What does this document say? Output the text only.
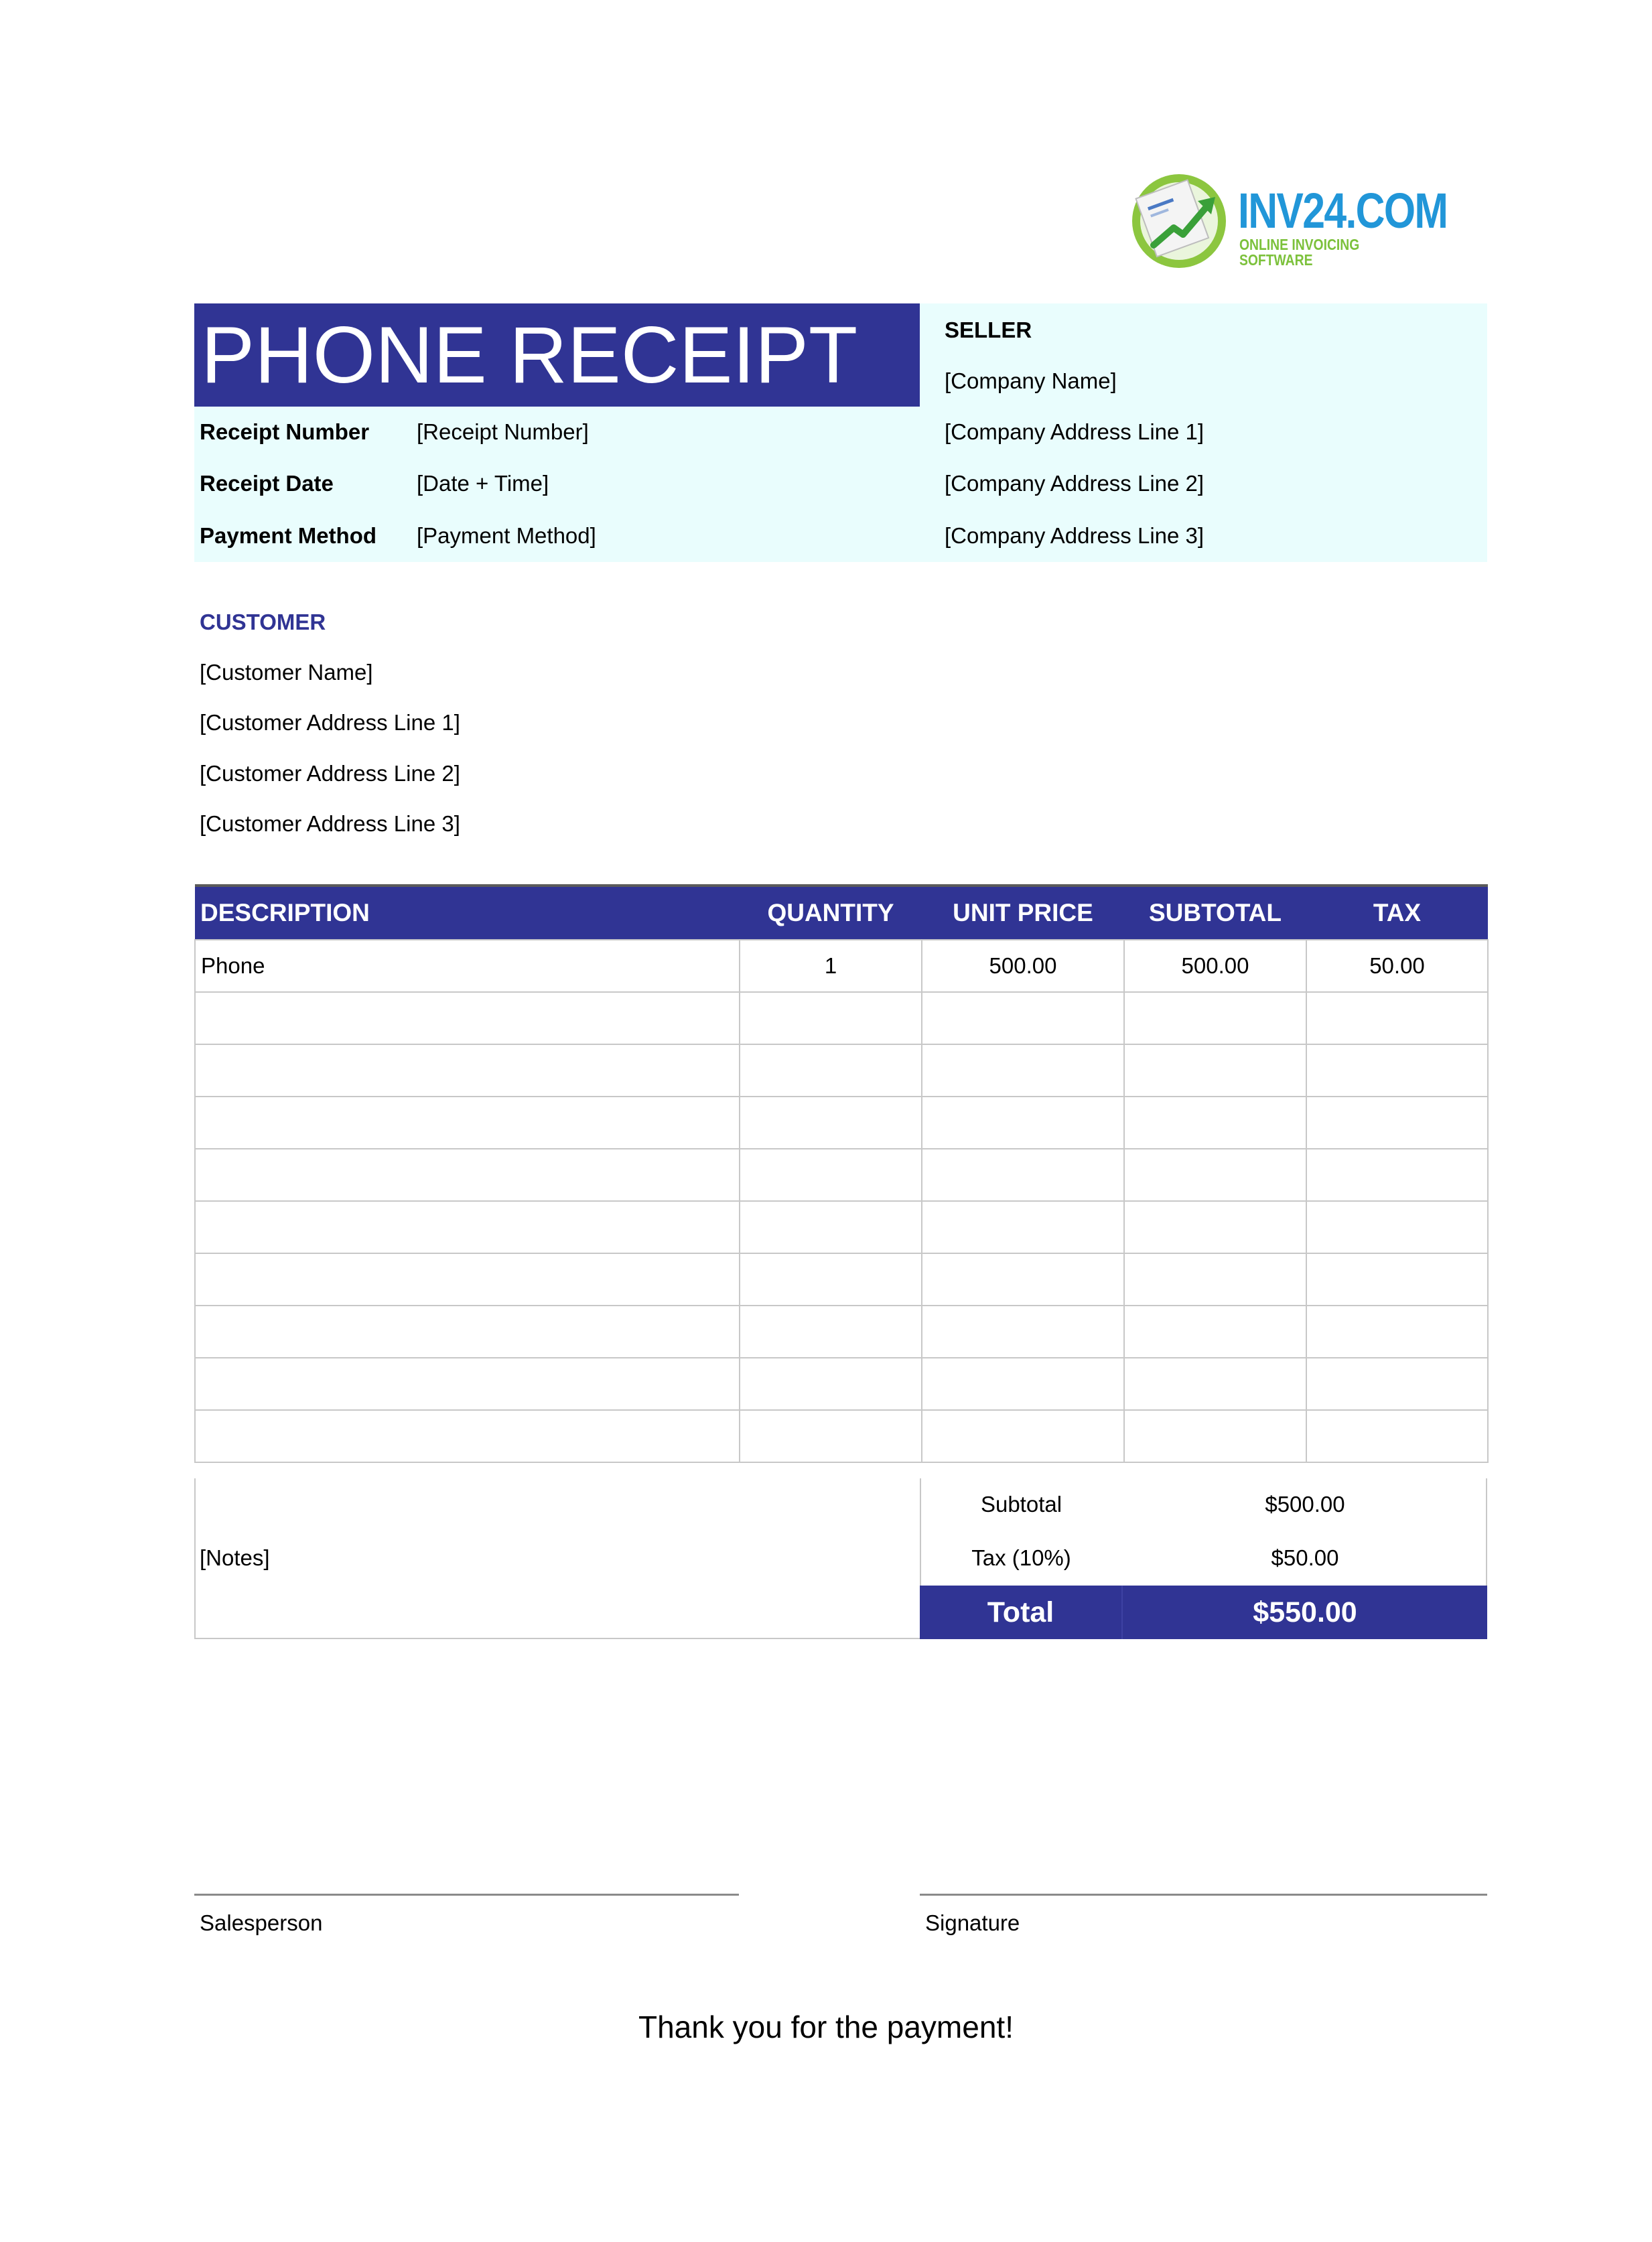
INV24.COM
ONLINE INVOICING SOFTWARE
PHONE RECEIPT
Receipt Number [Receipt Number]
Receipt Date	[Date + Time]
Payment Method [Payment Method]
SELLER
[Company Name]
[Company Address Line 1]
[Company Address Line 2]
[Company Address Line 3]
CUSTOMER
[Customer Name]
[Customer Address Line 1]
[Customer Address Line 2]
[Customer Address Line 3]
DESCRIPTION	QUANTITY	UNIT PRICE	SUBTOTAL	TAX
Phone	1	500.00	500.00	50.00

[Notes]
Subtotal	$500.00
Tax (10%)	$50.00
Total	$550.00
Salesperson	Signature
Thank you for the payment!
